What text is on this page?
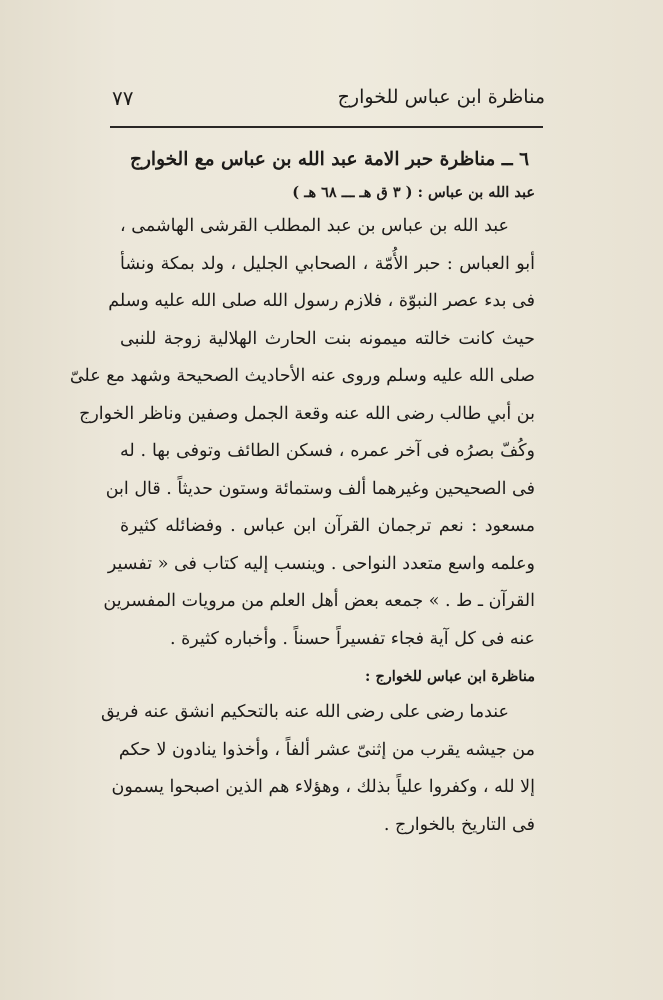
مناظرة ابن عباس للخوارج
٧٧
٦ ــ مناظرة حبر الامة عبد الله بن عباس مع الخوارج
عبد الله بن عباس : ( ٣ ق هـ ـــ ٦٨ هـ )
عبد الله بن عباس بن عبد المطلب القرشى الهاشمى ،
أبو العباس : حبر الأُمّة ، الصحابي الجليل ، ولد بمكة ونشأ
فى بدء عصر النبوّة ، فلازم رسول الله صلى الله عليه وسلم
حيث كانت خالته ميمونه بنت الحارث الهلالية زوجة للنبى
صلى الله عليه وسلم وروى عنه الأحاديث الصحيحة وشهد مع علىّ
بن أبي طالب رضى الله عنه وقعة الجمل وصفين وناظر الخوارج
وكُفّ بصرُه فى آخر عمره ، فسكن الطائف وتوفى بها . له
فى الصحيحين وغيرهما ألف وستمائة وستون حديثاً . قال ابن
مسعود : نعم ترجمان القرآن ابن عباس . وفضائله كثيرة
وعلمه واسع متعدد النواحى . وينسب إليه كتاب فى « تفسير
القرآن ـ ط . » جمعه بعض أهل العلم من مرويات المفسرين
عنه فى كل آية فجاء تفسيراً حسناً . وأخباره كثيرة .
مناظرة ابن عباس للخوارج :
عندما رضى على رضى الله عنه بالتحكيم انشق عنه فريق
من جيشه يقرب من إثنىّ عشر ألفاً ، وأخذوا ينادون لا حكم
إلا لله ، وكفروا علياً بذلك ، وهؤلاء هم الذين اصبحوا يسمون
فى التاريخ بالخوارج .
